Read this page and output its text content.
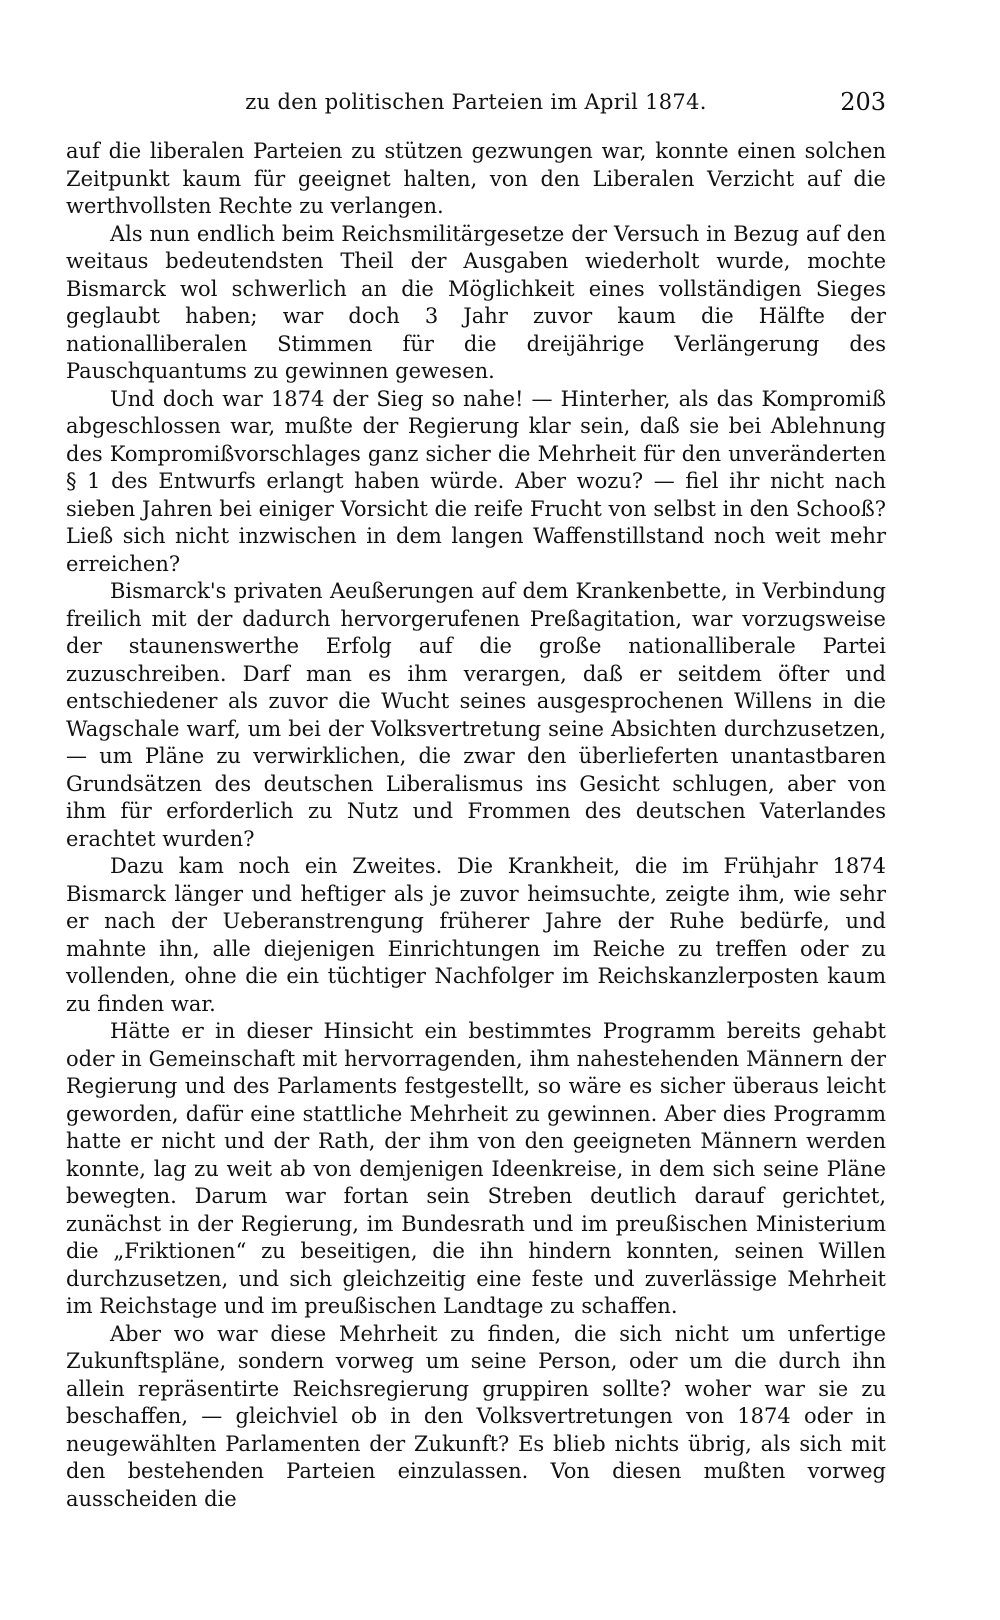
zu den politischen Parteien im April 1874.	203

auf die liberalen Parteien zu stützen gezwungen war, konnte einen solchen Zeitpunkt kaum für geeignet halten, von den Liberalen Verzicht auf die werthvollsten Rechte zu verlangen.

Als nun endlich beim Reichsmilitärgesetze der Versuch in Bezug auf den weitaus bedeutendsten Theil der Ausgaben wiederholt wurde, mochte Bismarck wol schwerlich an die Möglichkeit eines vollständigen Sieges geglaubt haben; war doch 3 Jahr zuvor kaum die Hälfte der nationalliberalen Stimmen für die dreijährige Verlängerung des Pauschquantums zu gewinnen gewesen.

Und doch war 1874 der Sieg so nahe! — Hinterher, als das Kompromiß abgeschlossen war, mußte der Regierung klar sein, daß sie bei Ablehnung des Kompromißvorschlages ganz sicher die Mehrheit für den unveränderten § 1 des Entwurfs erlangt haben würde. Aber wozu? — fiel ihr nicht nach sieben Jahren bei einiger Vorsicht die reife Frucht von selbst in den Schooß? Ließ sich nicht inzwischen in dem langen Waffenstillstand noch weit mehr erreichen?

Bismarck's privaten Aeußerungen auf dem Krankenbette, in Verbindung freilich mit der dadurch hervorgerufenen Preßagitation, war vorzugsweise der staunenswerthe Erfolg auf die große nationalliberale Partei zuzuschreiben. Darf man es ihm verargen, daß er seitdem öfter und entschiedener als zuvor die Wucht seines ausgesprochenen Willens in die Wagschale warf, um bei der Volksvertretung seine Absichten durchzusetzen, — um Pläne zu verwirklichen, die zwar den überlieferten unantastbaren Grundsätzen des deutschen Liberalismus ins Gesicht schlugen, aber von ihm für erforderlich zu Nutz und Frommen des deutschen Vaterlandes erachtet wurden?

Dazu kam noch ein Zweites. Die Krankheit, die im Frühjahr 1874 Bismarck länger und heftiger als je zuvor heimsuchte, zeigte ihm, wie sehr er nach der Ueberanstrengung früherer Jahre der Ruhe bedürfe, und mahnte ihn, alle diejenigen Einrichtungen im Reiche zu treffen oder zu vollenden, ohne die ein tüchtiger Nachfolger im Reichskanzlerposten kaum zu finden war.

Hätte er in dieser Hinsicht ein bestimmtes Programm bereits gehabt oder in Gemeinschaft mit hervorragenden, ihm nahestehenden Männern der Regierung und des Parlaments festgestellt, so wäre es sicher überaus leicht geworden, dafür eine stattliche Mehrheit zu gewinnen. Aber dies Programm hatte er nicht und der Rath, der ihm von den geeigneten Männern werden konnte, lag zu weit ab von demjenigen Ideenkreise, in dem sich seine Pläne bewegten. Darum war fortan sein Streben deutlich darauf gerichtet, zunächst in der Regierung, im Bundesrath und im preußischen Ministerium die „Friktionen“ zu beseitigen, die ihn hindern konnten, seinen Willen durchzusetzen, und sich gleichzeitig eine feste und zuverlässige Mehrheit im Reichstage und im preußischen Landtage zu schaffen.

Aber wo war diese Mehrheit zu finden, die sich nicht um unfertige Zukunftspläne, sondern vorweg um seine Person, oder um die durch ihn allein repräsentirte Reichsregierung gruppiren sollte? woher war sie zu beschaffen, — gleichviel ob in den Volksvertretungen von 1874 oder in neugewählten Parlamenten der Zukunft? Es blieb nichts übrig, als sich mit den bestehenden Parteien einzulassen. Von diesen mußten vorweg ausscheiden die
